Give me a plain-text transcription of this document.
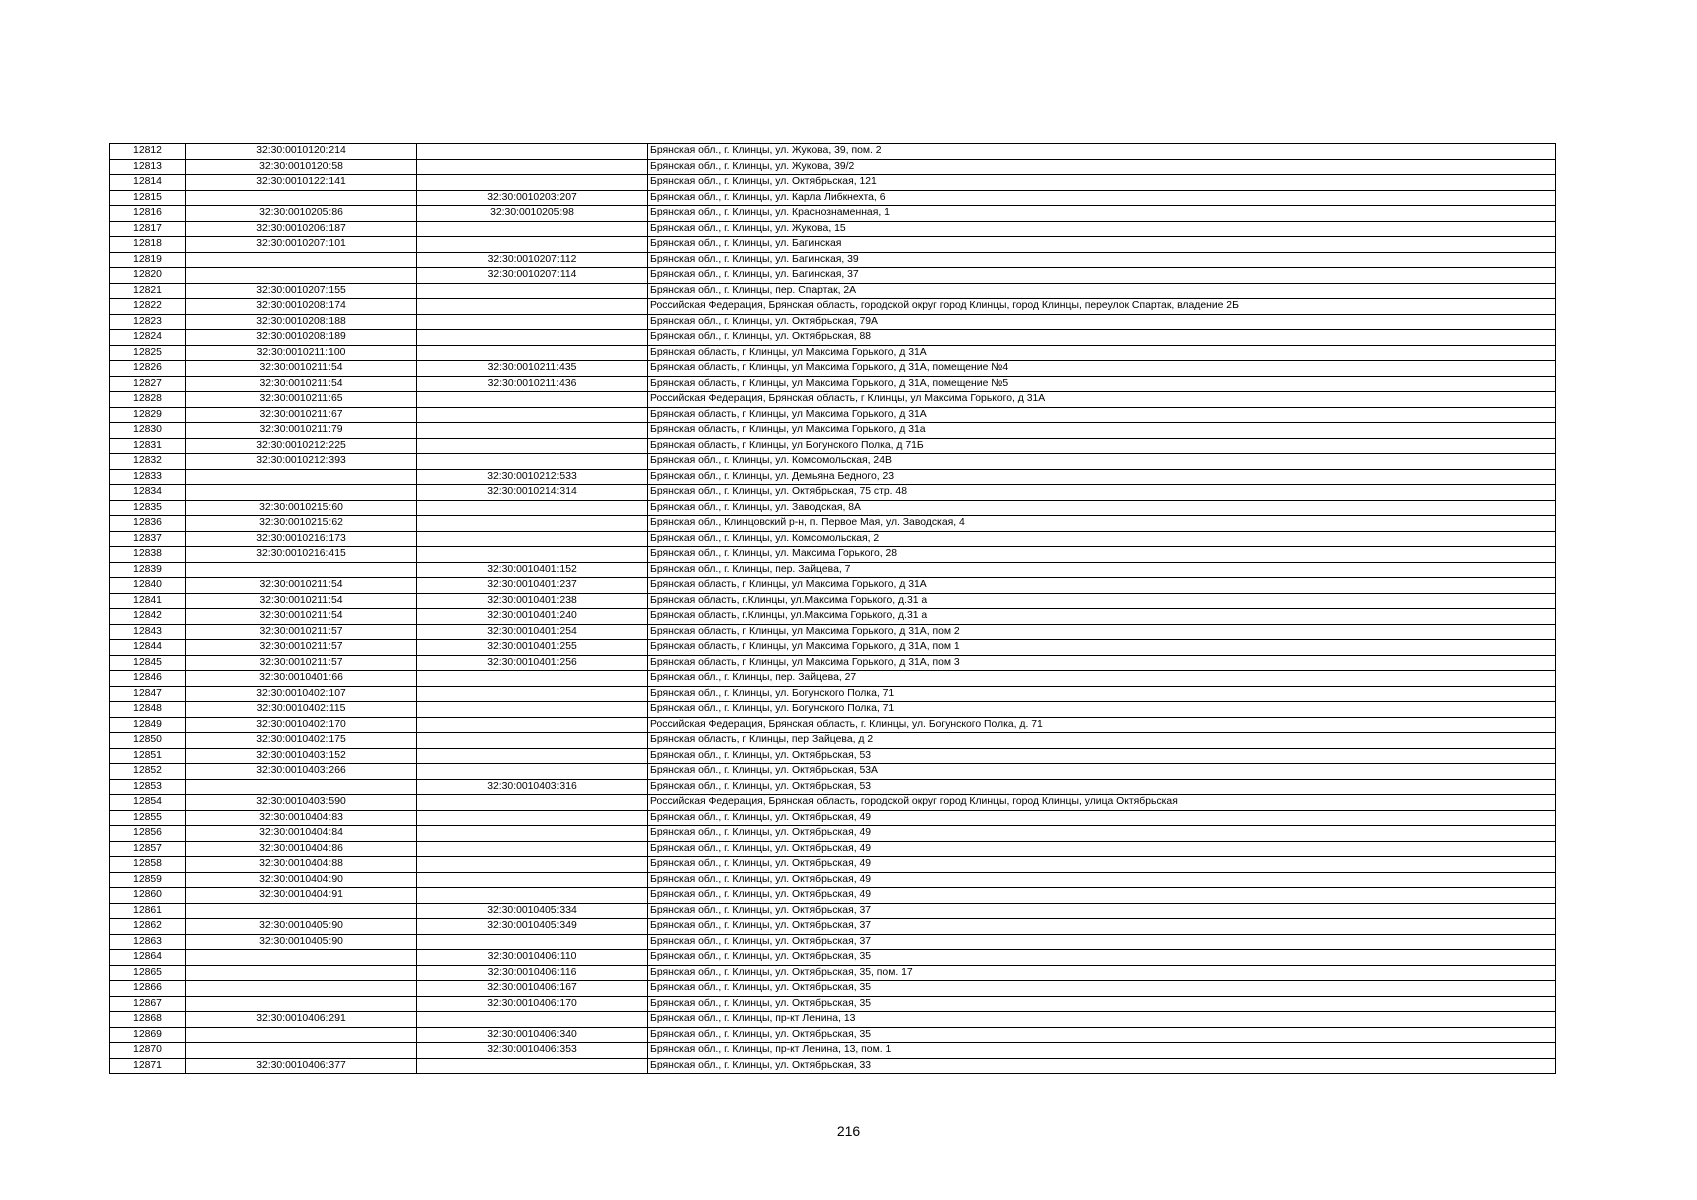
12812	32:30:0010120:214		Брянская обл., г. Клинцы, ул. Жукова, 39, пом. 2
12813	32:30:0010120:58		Брянская обл., г. Клинцы, ул. Жукова, 39/2
12814	32:30:0010122:141		Брянская обл., г. Клинцы, ул. Октябрьская, 121
12815		32:30:0010203:207	Брянская обл., г. Клинцы, ул. Карла Либкнехта, 6
12816	32:30:0010205:86	32:30:0010205:98	Брянская обл., г. Клинцы, ул. Краснознаменная, 1
12817	32:30:0010206:187		Брянская обл., г. Клинцы, ул. Жукова, 15
12818	32:30:0010207:101		Брянская обл., г. Клинцы, ул. Багинская
12819		32:30:0010207:112	Брянская обл., г. Клинцы, ул. Багинская, 39
12820		32:30:0010207:114	Брянская обл., г. Клинцы, ул. Багинская, 37
12821	32:30:0010207:155		Брянская обл., г. Клинцы, пер. Спартак, 2А
12822	32:30:0010208:174		Российская Федерация, Брянская область, городской округ город Клинцы, город Клинцы, переулок Спартак, владение 2Б
12823	32:30:0010208:188		Брянская обл., г. Клинцы, ул. Октябрьская, 79А
12824	32:30:0010208:189		Брянская обл., г. Клинцы, ул. Октябрьская, 88
12825	32:30:0010211:100		Брянская область, г Клинцы, ул Максима Горького, д 31А
12826	32:30:0010211:54	32:30:0010211:435	Брянская область, г Клинцы, ул Максима Горького, д 31А, помещение №4
12827	32:30:0010211:54	32:30:0010211:436	Брянская область, г Клинцы, ул Максима Горького, д 31А, помещение №5
12828	32:30:0010211:65		Российская Федерация, Брянская область, г Клинцы, ул Максима Горького, д 31А
12829	32:30:0010211:67		Брянская область, г Клинцы, ул Максима Горького, д 31А
12830	32:30:0010211:79		Брянская область, г Клинцы, ул Максима Горького, д 31а
12831	32:30:0010212:225		Брянская область, г Клинцы, ул Богунского Полка, д 71Б
12832	32:30:0010212:393		Брянская обл., г. Клинцы, ул. Комсомольская, 24В
12833		32:30:0010212:533	Брянская обл., г. Клинцы, ул. Демьяна Бедного, 23
12834		32:30:0010214:314	Брянская обл., г. Клинцы, ул. Октябрьская, 75 стр. 48
12835	32:30:0010215:60		Брянская обл., г. Клинцы, ул. Заводская, 8А
12836	32:30:0010215:62		Брянская обл., Клинцовский р-н, п. Первое Мая, ул. Заводская, 4
12837	32:30:0010216:173		Брянская обл., г. Клинцы, ул. Комсомольская, 2
12838	32:30:0010216:415		Брянская обл., г. Клинцы, ул. Максима Горького, 28
12839		32:30:0010401:152	Брянская обл., г. Клинцы, пер. Зайцева, 7
12840	32:30:0010211:54	32:30:0010401:237	Брянская область, г Клинцы, ул Максима Горького, д 31А
12841	32:30:0010211:54	32:30:0010401:238	Брянская область, г.Клинцы, ул.Максима Горького, д.31 а
12842	32:30:0010211:54	32:30:0010401:240	Брянская область, г.Клинцы, ул.Максима Горького, д.31 а
12843	32:30:0010211:57	32:30:0010401:254	Брянская область, г Клинцы, ул Максима Горького, д 31А, пом 2
12844	32:30:0010211:57	32:30:0010401:255	Брянская область, г Клинцы, ул Максима Горького, д 31А, пом 1
12845	32:30:0010211:57	32:30:0010401:256	Брянская область, г Клинцы, ул Максима Горького, д 31А, пом 3
12846	32:30:0010401:66		Брянская обл., г. Клинцы, пер. Зайцева, 27
12847	32:30:0010402:107		Брянская обл., г. Клинцы, ул. Богунского Полка, 71
12848	32:30:0010402:115		Брянская обл., г. Клинцы, ул. Богунского Полка, 71
12849	32:30:0010402:170		Российская Федерация, Брянская область, г. Клинцы, ул. Богунского Полка, д. 71
12850	32:30:0010402:175		Брянская область, г Клинцы, пер Зайцева, д 2
12851	32:30:0010403:152		Брянская обл., г. Клинцы, ул. Октябрьская, 53
12852	32:30:0010403:266		Брянская обл., г. Клинцы, ул. Октябрьская, 53А
12853		32:30:0010403:316	Брянская обл., г. Клинцы, ул. Октябрьская, 53
12854	32:30:0010403:590		Российская Федерация, Брянская область, городской округ город Клинцы, город Клинцы, улица Октябрьская
12855	32:30:0010404:83		Брянская обл., г. Клинцы, ул. Октябрьская, 49
12856	32:30:0010404:84		Брянская обл., г. Клинцы, ул. Октябрьская, 49
12857	32:30:0010404:86		Брянская обл., г. Клинцы, ул. Октябрьская, 49
12858	32:30:0010404:88		Брянская обл., г. Клинцы, ул. Октябрьская, 49
12859	32:30:0010404:90		Брянская обл., г. Клинцы, ул. Октябрьская, 49
12860	32:30:0010404:91		Брянская обл., г. Клинцы, ул. Октябрьская, 49
12861		32:30:0010405:334	Брянская обл., г. Клинцы, ул. Октябрьская, 37
12862	32:30:0010405:90	32:30:0010405:349	Брянская обл., г. Клинцы, ул. Октябрьская, 37
12863	32:30:0010405:90		Брянская обл., г. Клинцы, ул. Октябрьская, 37
12864		32:30:0010406:110	Брянская обл., г. Клинцы, ул. Октябрьская, 35
12865		32:30:0010406:116	Брянская обл., г. Клинцы, ул. Октябрьская, 35, пом. 17
12866		32:30:0010406:167	Брянская обл., г. Клинцы, ул. Октябрьская, 35
12867		32:30:0010406:170	Брянская обл., г. Клинцы, ул. Октябрьская, 35
12868	32:30:0010406:291		Брянская обл., г. Клинцы, пр-кт Ленина, 13
12869		32:30:0010406:340	Брянская обл., г. Клинцы, ул. Октябрьская, 35
12870		32:30:0010406:353	Брянская обл., г. Клинцы, пр-кт Ленина, 13, пом. 1
12871	32:30:0010406:377		Брянская обл., г. Клинцы, ул. Октябрьская, 33
216
